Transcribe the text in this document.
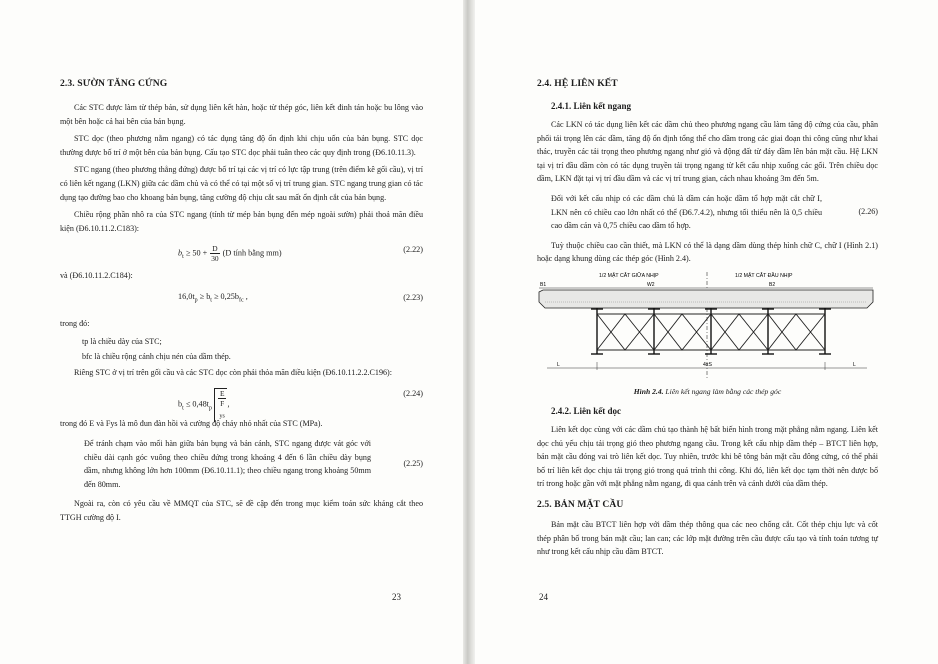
2.3. SƯỜN TĂNG CỨNG

Các STC được làm từ thép bản, sử dụng liên kết hàn, hoặc từ thép góc, liên kết đinh tán hoặc bu lông vào một bên hoặc cả hai bên của bản bụng.

STC dọc (theo phương nằm ngang) có tác dụng tăng độ ổn định khi chịu uốn của bản bụng. STC dọc thường được bố trí ở một bên của bản bụng. Cấu tạo STC dọc phải tuân theo các quy định trong (Đ6.10.11.3).

STC ngang (theo phương thẳng đứng) được bố trí tại các vị trí có lực tập trung (trên điểm kê gối cầu), vị trí có liên kết ngang (LKN) giữa các dầm chủ và có thể có tại một số vị trí trung gian. STC ngang trung gian có tác dụng tạo đường bao cho khoang bản bụng, tăng cường độ chịu cắt sau mất ổn định cắt của bản bụng.

Chiều rộng phần nhô ra của STC ngang (tính từ mép bản bụng đến mép ngoài sườn) phải thoả mãn điều kiện (Đ6.10.11.2.C183):

$b_t \ge 50 + \frac{D}{30} (D$ tính bằng mm)	(2.22)

và (Đ6.10.11.2.C184):

$16,0t_p \ge b_t \ge 0,25b_{fc}$ ,	(2.23)

trong đó:

tp là chiều dày của STC;

bfc là chiều rộng cánh chịu nén của dầm thép.

Riêng STC ở vị trí trên gối cầu và các STC dọc còn phải thỏa mãn điều kiện (Đ6.10.11.2.2.C196):

$b_t \le 0,48t_p$ E
F
$_{ys}$ ,
(2.24)

trong đó E và Fys là mô đun đàn hồi và cường độ chảy nhỏ nhất của STC (MPa).

Để tránh chạm vào mối hàn giữa bản bụng và bản cánh, STC ngang được vát góc với chiều dài cạnh góc vuông theo chiều đứng trong khoảng 4 đến 6 lần chiều dày bụng dầm, nhưng không lớn hơn 100mm (Đ6.10.11.1); theo chiều ngang trong khoảng 50mm đến 80mm.
(2.25)

Ngoài ra, còn có yêu cầu về MMQT của STC, sẽ đề cập đến trong mục kiểm toán sức kháng cắt theo TTGH cường độ I.

23
2.4. HỆ LIÊN KẾT
2.4.1. Liên kết ngang

Các LKN có tác dụng liên kết các dầm chủ theo phương ngang cầu làm tăng độ cứng của cầu, phân phối tải trọng lên các dầm, tăng độ ổn định tổng thể cho dầm trong các giai đoạn thi công cũng như khai thác, truyền các tải trọng theo phương ngang như gió và động đất từ đáy dầm lên bản mặt cầu. Hệ LKN tại vị trí đầu dầm còn có tác dụng truyền tải trọng ngang từ kết cấu nhịp xuống các gối. Trên chiều dọc dầm, LKN đặt tại vị trí đầu dầm và các vị trí trung gian, cách nhau khoảng 3m đến 5m.

Đối với kết cấu nhịp có các dầm chủ là dầm cán hoặc dầm tổ hợp mặt cắt chữ I, LKN nên có chiều cao lớn nhất có thể (Đ6.7.4.2), nhưng tối thiểu nên là 0,5 chiều cao dầm cán và 0,75 chiều cao dầm tổ hợp.
(2.26)

Tuỳ thuộc chiều cao cần thiết, mà LKN có thể là dạng dầm dùng thép hình chữ C, chữ I (Hình 2.1) hoặc dạng khung dùng các thép góc (Hình 2.4).

1/2 MẶT CẮT GIỮA NHỊP	1/2 MẶT CẮT ĐẦU NHỊP
B1	W2	B2
L	4xS	L
Hình 2.4. Liên kết ngang làm bằng các thép góc
2.4.2. Liên kết dọc

Liên kết dọc cùng với các dầm chủ tạo thành hệ bất biến hình trong mặt phẳng nằm ngang. Liên kết dọc chủ yếu chịu tải trọng gió theo phương ngang cầu. Trong kết cấu nhịp dầm thép – BTCT liên hợp, bản mặt cầu đóng vai trò liên kết dọc. Tuy nhiên, trước khi bê tông bản mặt cầu đông cứng, có thể phải bố trí liên kết dọc chịu tải trọng gió trong quá trình thi công. Khi đó, liên kết dọc tạm thời nên được bố trí trong hoặc gần với mặt phẳng nằm ngang, đi qua cánh trên và cánh dưới của dầm thép.

2.5. BẢN MẶT CẦU

Bản mặt cầu BTCT liên hợp với dầm thép thông qua các neo chống cắt. Cốt thép chịu lực và cốt thép phân bố trong bản mặt cầu; lan can; các lớp mặt đường trên cầu được cấu tạo và tính toán tương tự như trong kết cấu nhịp cầu dầm BTCT.

24
